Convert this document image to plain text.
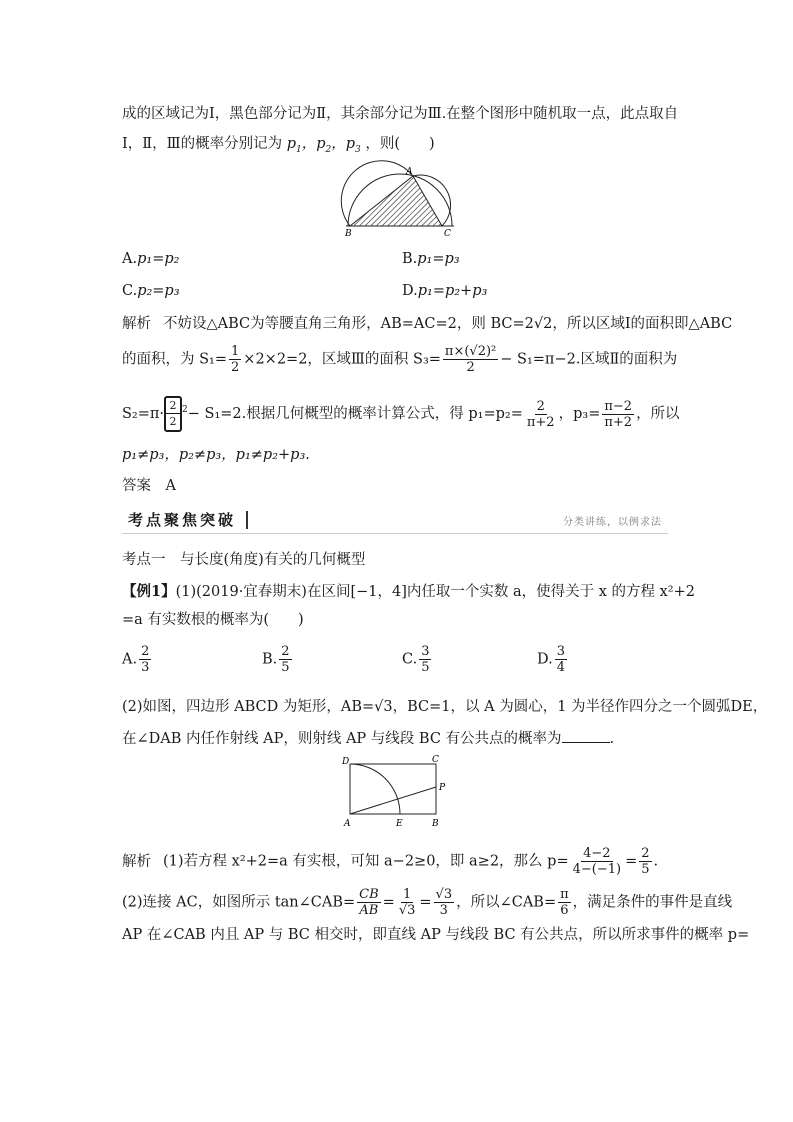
成的区域记为Ⅰ，黑色部分记为Ⅱ，其余部分记为Ⅲ.在整个图形中随机取一点，此点取自
Ⅰ，Ⅱ，Ⅲ的概率分别记为 $p_1$，$p_2$，$p_3$ ，则(　　)
A
B	C
A.p₁=p₂	B.p₁=p₃
C.p₂=p₃	D.p₁=p₂+p₃
解析 不妨设△ABC为等腰直角三角形，AB=AC=2，则 BC=2√2，所以区域Ⅰ的面积即△ABC
的面积，为 $S_1= \frac{1}{2} \times 2\times 2=2$，区域Ⅲ的面积 $S_3= \frac{\text{π×(√2)²}}{2} - S_1=\pi-2$.区域Ⅱ的面积为
$S_2=\pi\cdot \frac{2}{2} ^2- S_1=2$.根据几何概型的概率计算公式，得 $p_1=p_2= \frac{2}{\pi+2}$ ，$p_3= \frac{\pi-2}{\pi+2}$ ，所以
p₁≠p₃，p₂≠p₃，p₁≠p₂+p₃.
答案　A
考点聚焦突破	分类讲练，以例求法
考点一　与长度(角度)有关的几何概型
【例1】(1)(2019·宜春期末)在区间[−1，4]内任取一个实数 a，使得关于 x 的方程 x²+2
=a 有实数根的概率为(　　)
A. $\frac{2}{3}$	B. $\frac{2}{5}$	C. $\frac{3}{5}$	D. $\frac{3}{4}$
(2)如图，四边形 ABCD 为矩形，AB=√3，BC=1，以 A 为圆心，1 为半径作四分之一个圆弧DE，
在∠DAB 内任作射线 AP，则射线 AP 与线段 BC 有公共点的概率为	.
D	C
P
A	E	B
解析 (1)若方程 x²+2=a 有实根，可知 a−2≥0，即 a≥2，那么 $p= \frac{4-2}{4-(-1)} = \frac{2}{5}$ .
(2)连接 AC，如图所示 tan∠CAB= $\frac{CB}{AB} = \frac{1}{√3} = \frac{√3}{3}$ ，所以∠CAB= $\frac{\pi}{6}$ ，满足条件的事件是直线
AP 在∠CAB 内且 AP 与 BC 相交时，即直线 AP 与线段 BC 有公共点，所以所求事件的概率 p=
